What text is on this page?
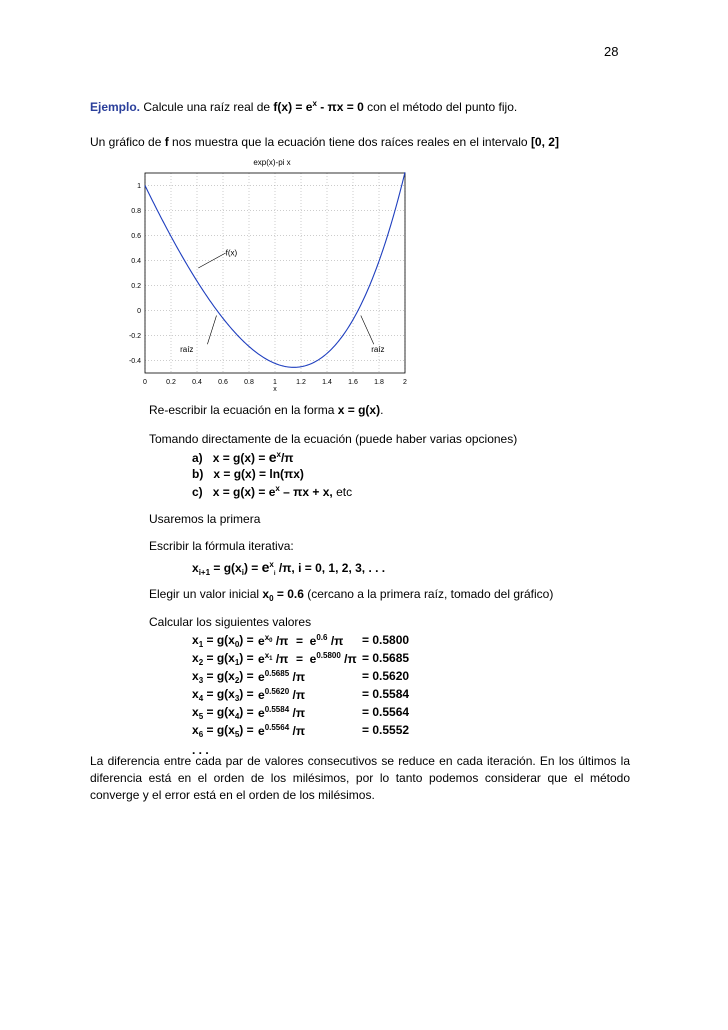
28
Ejemplo. Calcule una raíz real de $f(x) = e^x - \pi x = 0$ con el método del punto fijo.
Un gráfico de f nos muestra que la ecuación tiene dos raíces reales en el intervalo [0, 2]
exp(x)-pi x
0	0.2 0.4 0.6 0.8	1	1.2 1.4 1.6 1.8	2
1
0.8
0.6
0.4
0.2
0
-0.2
-0.4
f(x)
raíz	raíz
x
Re-escribir la ecuación en la forma x = g(x).
Tomando directamente de la ecuación (puede haber varias opciones)
a) $x = g(x) = e^x/\pi$
b) x = g(x) = ln(πx)
c) $x = g(x) = e^x - \pi x + x$, etc
Usaremos la primera
Escribir la fórmula iterativa:
$x_{i+1} = g(x_i) = e^x_i$ /π, i = 0, 1, 2, 3, . . .
Elegir un valor inicial $x_0 = 0.6$ (cercano a la primera raíz, tomado del gráfico)
Calcular los siguientes valores
$x_1 = g(x_0) = e^{x0}$ $/\pi = e^{0.6}$ /π = 0.5800
$x_2 = g(x_1) = e^{x1}$ $/\pi = e^{0.5800}$ /π = 0.5685
$x_3 = g(x_2) = e^{0.5685}$ /π	= 0.5620
$x_4 = g(x_3) = e^{0.5620}$ /π	= 0.5584
$x_5 = g(x_4) = e^{0.5584}$ /π	= 0.5564
$x_6 = g(x_5) = e^{0.5564}$ /π	= 0.5552
. . .
La diferencia entre cada par de valores consecutivos se reduce en cada iteración. En los últimos la diferencia está en el orden de los milésimos, por lo tanto podemos considerar que el método converge y el error está en el orden de los milésimos.
